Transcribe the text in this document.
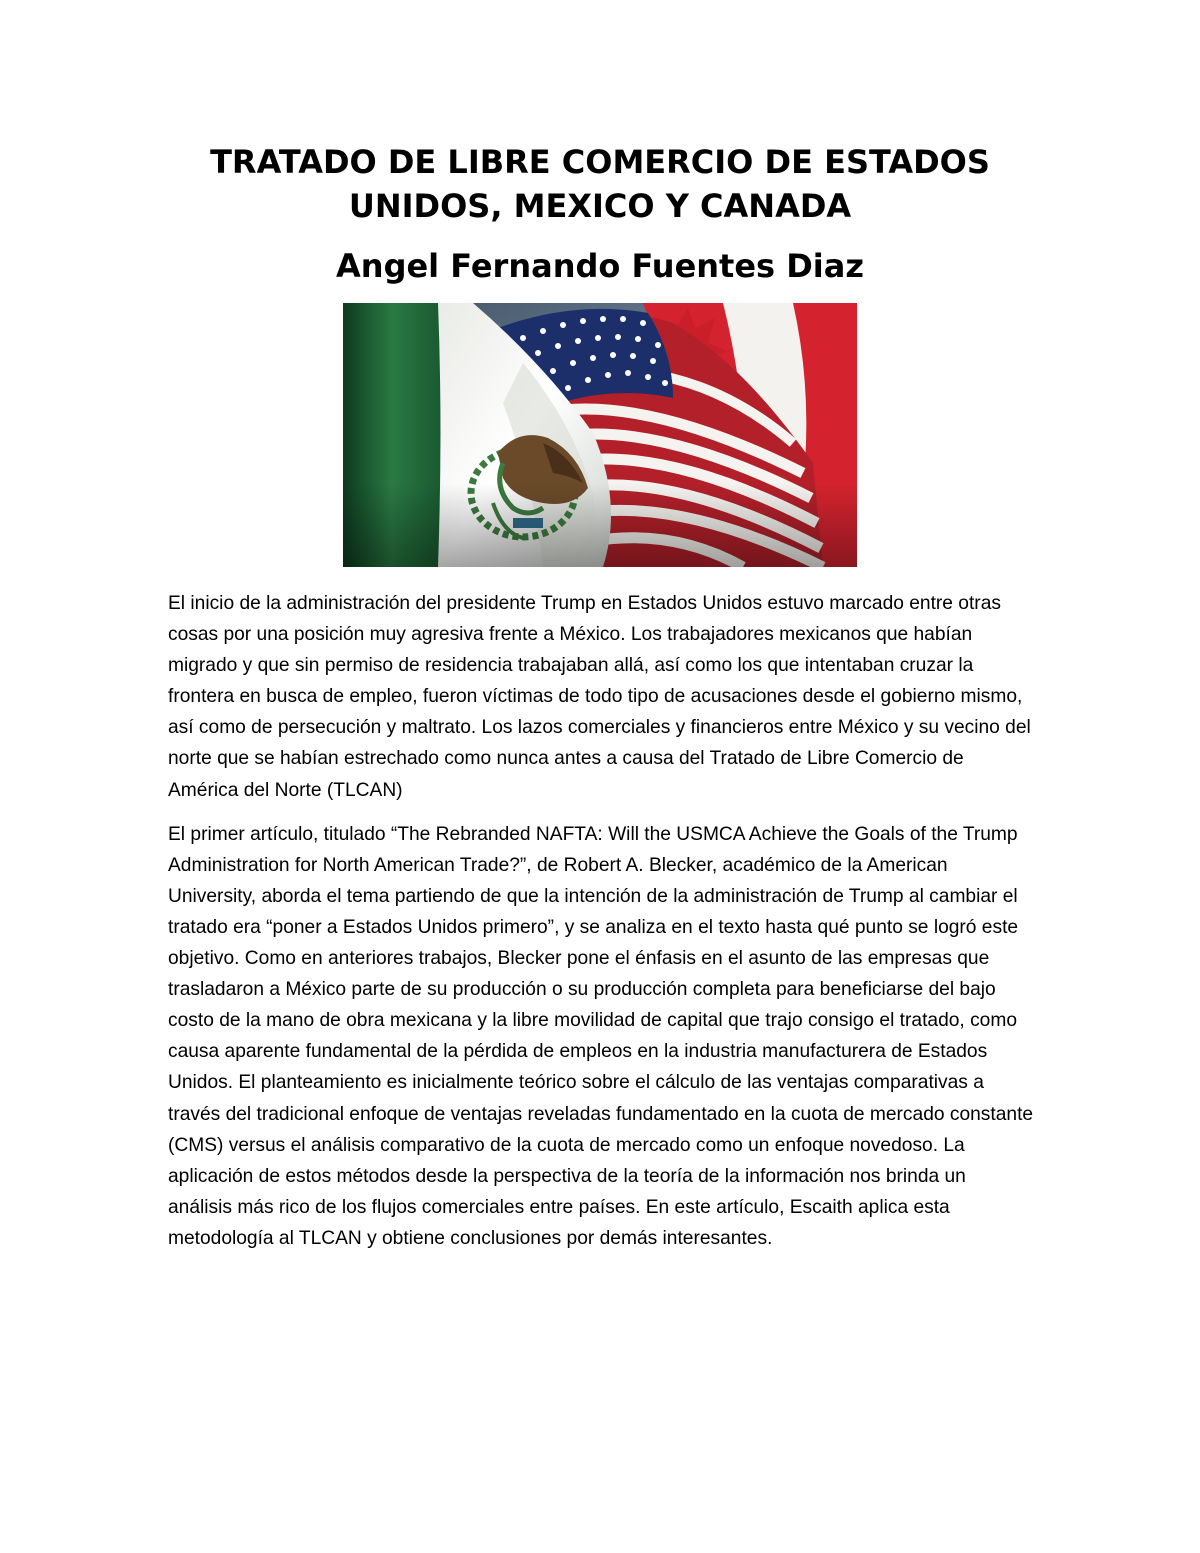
TRATADO DE LIBRE COMERCIO DE ESTADOS UNIDOS, MEXICO Y CANADA
Angel Fernando Fuentes Diaz

El inicio de la administración del presidente Trump en Estados Unidos estuvo marcado entre otras cosas por una posición muy agresiva frente a México. Los trabajadores mexicanos que habían migrado y que sin permiso de residencia trabajaban allá, así como los que intentaban cruzar la frontera en busca de empleo, fueron víctimas de todo tipo de acusaciones desde el gobierno mismo, así como de persecución y maltrato. Los lazos comerciales y financieros entre México y su vecino del norte que se habían estrechado como nunca antes a causa del Tratado de Libre Comercio de América del Norte (TLCAN)

El primer artículo, titulado “The Rebranded NAFTA: Will the USMCA Achieve the Goals of the Trump Administration for North American Trade?”, de Robert A. Blecker, académico de la American University, aborda el tema partiendo de que la intención de la administración de Trump al cambiar el tratado era “poner a Estados Unidos primero”, y se analiza en el texto hasta qué punto se logró este objetivo. Como en anteriores trabajos, Blecker pone el énfasis en el asunto de las empresas que trasladaron a México parte de su producción o su producción completa para beneficiarse del bajo costo de la mano de obra mexicana y la libre movilidad de capital que trajo consigo el tratado, como causa aparente fundamental de la pérdida de empleos en la industria manufacturera de Estados Unidos. El planteamiento es inicialmente teórico sobre el cálculo de las ventajas comparativas a través del tradicional enfoque de ventajas reveladas fundamentado en la cuota de mercado constante (CMS) versus el análisis comparativo de la cuota de mercado como un enfoque novedoso. La aplicación de estos métodos desde la perspectiva de la teoría de la información nos brinda un análisis más rico de los flujos comerciales entre países. En este artículo, Escaith aplica esta metodología al TLCAN y obtiene conclusiones por demás interesantes.
